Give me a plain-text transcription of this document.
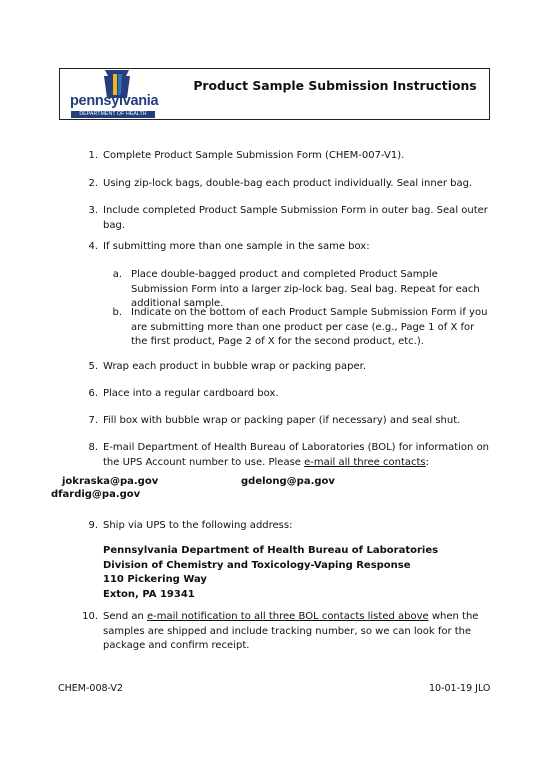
pennsylvania
DEPARTMENT OF HEALTH
Product Sample Submission Instructions
1. Complete Product Sample Submission Form (CHEM-007-V1).
2. Using zip-lock bags, double-bag each product individually. Seal inner bag.
3. Include completed Product Sample Submission Form in outer bag. Seal outer
bag.
4. If submitting more than one sample in the same box:
a. Place double-bagged product and completed Product Sample
Submission Form into a larger zip-lock bag. Seal bag. Repeat for each
additional sample.
b. Indicate on the bottom of each Product Sample Submission Form if you
are submitting more than one product per case (e.g., Page 1 of X for
the first product, Page 2 of X for the second product, etc.).
5. Wrap each product in bubble wrap or packing paper.
6. Place into a regular cardboard box.
7. Fill box with bubble wrap or packing paper (if necessary) and seal shut.
8. E-mail Department of Health Bureau of Laboratories (BOL) for information on
the UPS Account number to use. Please e-mail all three contacts:
jokraska@pa.gov	gdelong@pa.gov
dfardig@pa.gov
9. Ship via UPS to the following address:
Pennsylvania Department of Health Bureau of Laboratories
Division of Chemistry and Toxicology-Vaping Response
110 Pickering Way
Exton, PA 19341
10. Send an e-mail notification to all three BOL contacts listed above when the
samples are shipped and include tracking number, so we can look for the
package and confirm receipt.
CHEM-008-V2	10-01-19 JLO
